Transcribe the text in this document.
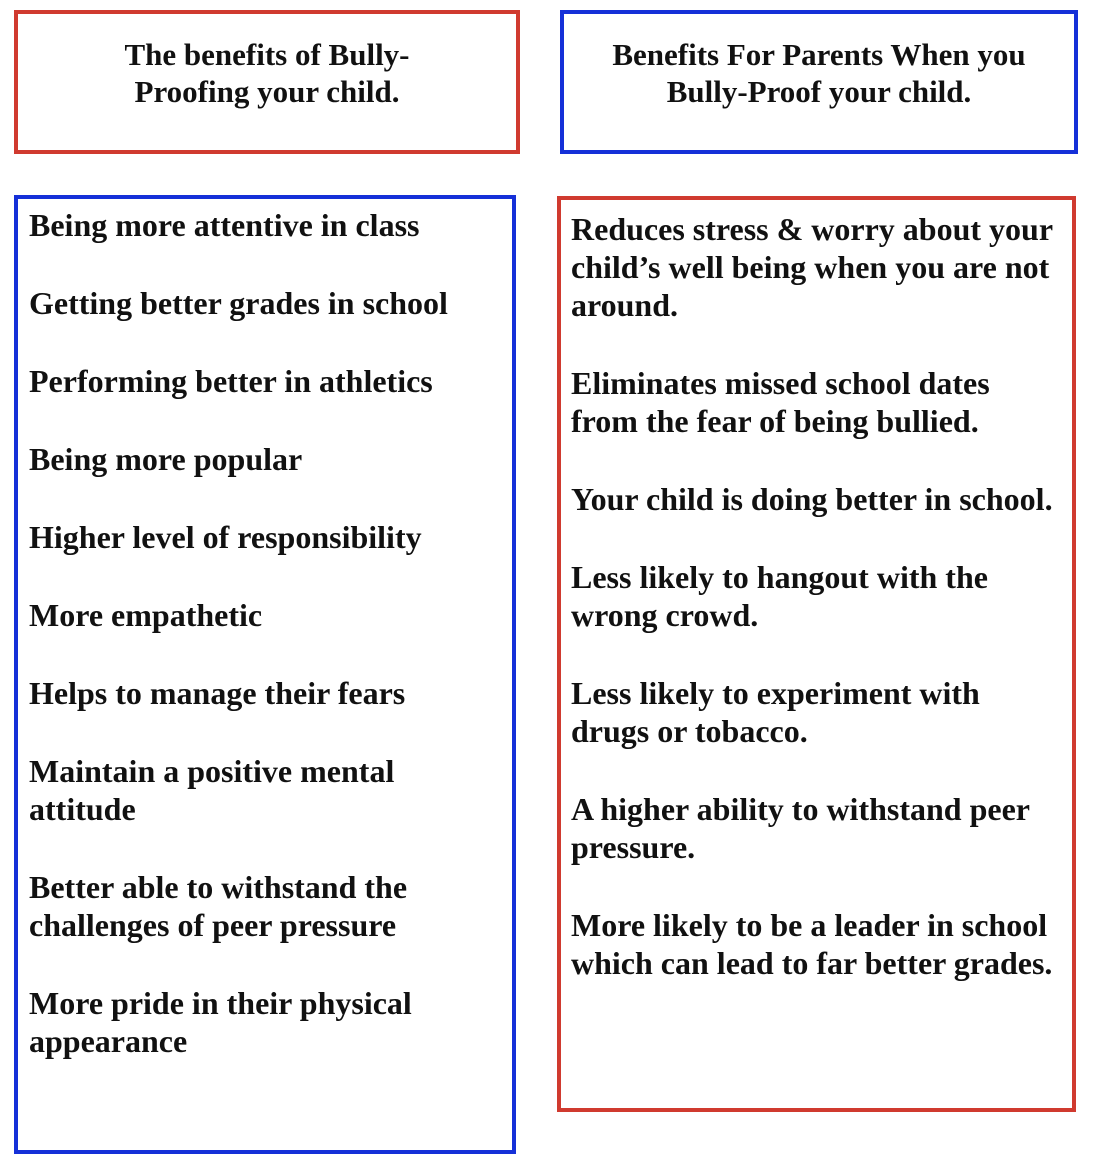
The benefits of Bully-
Proofing your child.

Benefits For Parents When you
Bully-Proof your child.

Being more attentive in class
Getting better grades in school
Performing better in athletics
Being more popular
Higher level of responsibility
More empathetic
Helps to manage their fears
Maintain a positive mental attitude
Better able to withstand the challenges of peer pressure
More pride in their physical appearance
Reduces stress & worry about your child’s well being when you are not around.
Eliminates missed school dates from the fear of being bullied.
Your child is doing better in school.
Less likely to hangout with the wrong crowd.
Less likely to experiment with drugs or tobacco.
A higher ability to withstand peer pressure.
More likely to be a leader in school which can lead to far better grades.
